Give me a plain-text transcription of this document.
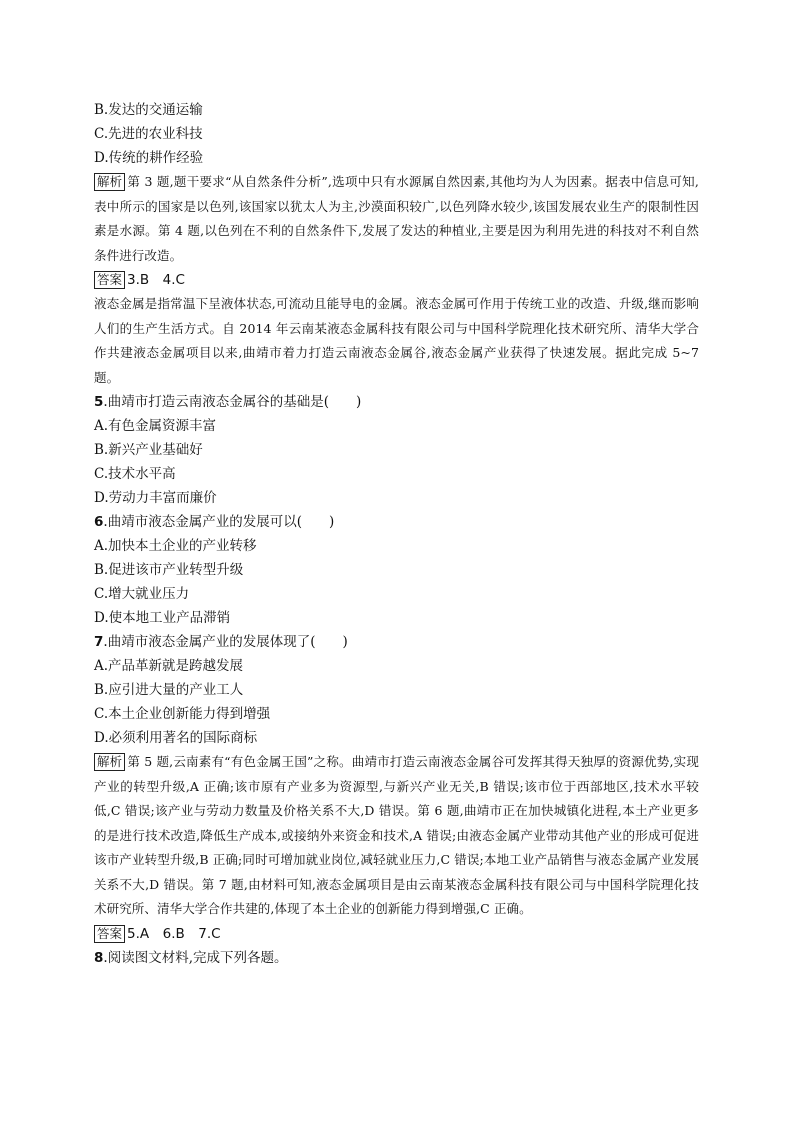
B.发达的交通运输
C.先进的农业科技
D.传统的耕作经验
解析 第 3 题,题干要求“从自然条件分析”,选项中只有水源属自然因素,其他均为人为因素。据表中信息可知,表中所示的国家是以色列,该国家以犹太人为主,沙漠面积较广,以色列降水较少,该国发展农业生产的限制性因素是水源。第 4 题,以色列在不利的自然条件下,发展了发达的种植业,主要是因为利用先进的科技对不利自然条件进行改造。
答案 3.B　4.C
液态金属是指常温下呈液体状态,可流动且能导电的金属。液态金属可作用于传统工业的改造、升级,继而影响人们的生产生活方式。自 2014 年云南某液态金属科技有限公司与中国科学院理化技术研究所、清华大学合作共建液态金属项目以来,曲靖市着力打造云南液态金属谷,液态金属产业获得了快速发展。据此完成 5~7 题。
5.曲靖市打造云南液态金属谷的基础是(　　)
A.有色金属资源丰富
B.新兴产业基础好
C.技术水平高
D.劳动力丰富而廉价
6.曲靖市液态金属产业的发展可以(　　)
A.加快本土企业的产业转移
B.促进该市产业转型升级
C.增大就业压力
D.使本地工业产品滞销
7.曲靖市液态金属产业的发展体现了(　　)
A.产品革新就是跨越发展
B.应引进大量的产业工人
C.本土企业创新能力得到增强
D.必须利用著名的国际商标
解析 第 5 题,云南素有“有色金属王国”之称。曲靖市打造云南液态金属谷可发挥其得天独厚的资源优势,实现产业的转型升级,A 正确;该市原有产业多为资源型,与新兴产业无关,B 错误;该市位于西部地区,技术水平较低,C 错误;该产业与劳动力数量及价格关系不大,D 错误。第 6 题,曲靖市正在加快城镇化进程,本土产业更多的是进行技术改造,降低生产成本,或接纳外来资金和技术,A 错误;由液态金属产业带动其他产业的形成可促进该市产业转型升级,B 正确;同时可增加就业岗位,减轻就业压力,C 错误;本地工业产品销售与液态金属产业发展关系不大,D 错误。第 7 题,由材料可知,液态金属项目是由云南某液态金属科技有限公司与中国科学院理化技术研究所、清华大学合作共建的,体现了本土企业的创新能力得到增强,C 正确。
答案 5.A　6.B　7.C
8.阅读图文材料,完成下列各题。
